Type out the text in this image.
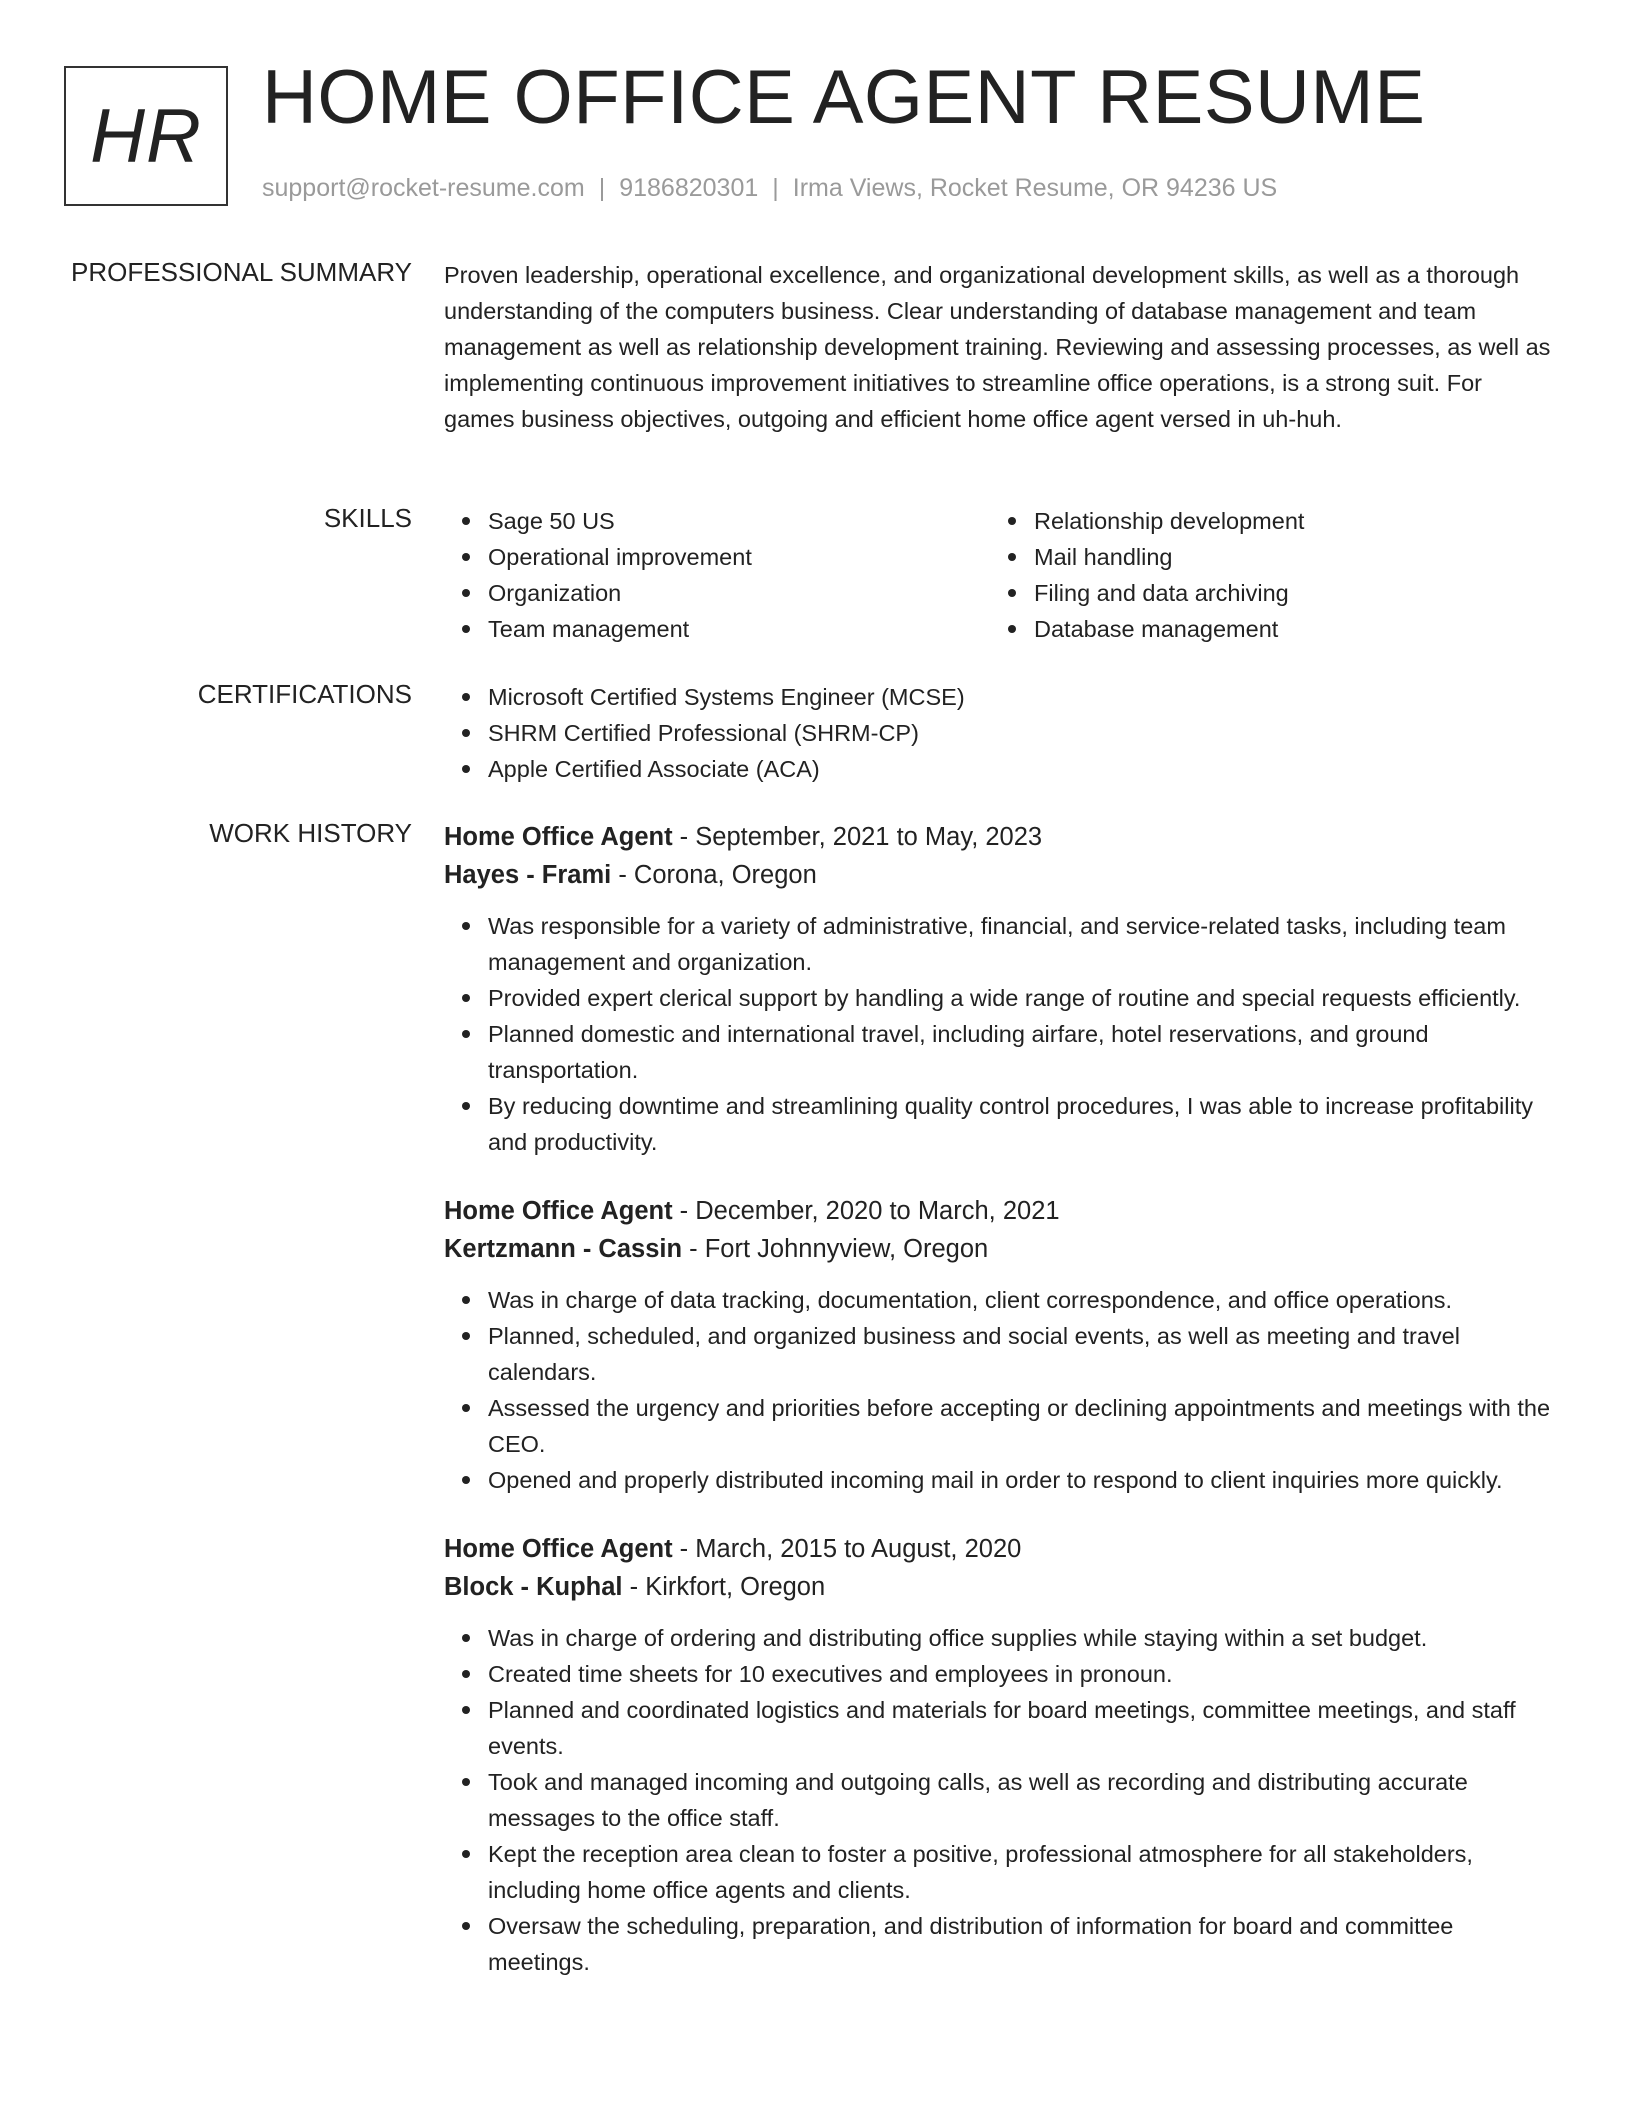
HR HOME OFFICE AGENT RESUME
support@rocket-resume.com | 9186820301 | Irma Views, Rocket Resume, OR 94236 US
PROFESSIONAL SUMMARY Proven leadership, operational excellence, and organizational development skills, as well as a thorough understanding of the computers business. Clear understanding of database management and team management as well as relationship development training. Reviewing and assessing processes, as well as implementing continuous improvement initiatives to streamline office operations, is a strong suit. For games business objectives, outgoing and efficient home office agent versed in uh-huh.

SKILLS	Sage 50 US
Operational improvement
Organization
Team management
Relationship development
Mail handling
Filing and data archiving
Database management
CERTIFICATIONS	Microsoft Certified Systems Engineer (MCSE)
SHRM Certified Professional (SHRM-CP)
Apple Certified Associate (ACA)
WORK HISTORY Home Office Agent - September, 2021 to May, 2023
Hayes - Frami - Corona, Oregon
Was responsible for a variety of administrative, financial, and service-related tasks, including team management and organization.
Provided expert clerical support by handling a wide range of routine and special requests efficiently.
Planned domestic and international travel, including airfare, hotel reservations, and ground transportation.
By reducing downtime and streamlining quality control procedures, I was able to increase profitability and productivity.
Home Office Agent - December, 2020 to March, 2021
Kertzmann - Cassin - Fort Johnnyview, Oregon
Was in charge of data tracking, documentation, client correspondence, and office operations.
Planned, scheduled, and organized business and social events, as well as meeting and travel calendars.
Assessed the urgency and priorities before accepting or declining appointments and meetings with the CEO.
Opened and properly distributed incoming mail in order to respond to client inquiries more quickly.
Home Office Agent - March, 2015 to August, 2020
Block - Kuphal - Kirkfort, Oregon
Was in charge of ordering and distributing office supplies while staying within a set budget.
Created time sheets for 10 executives and employees in pronoun.
Planned and coordinated logistics and materials for board meetings, committee meetings, and staff events.
Took and managed incoming and outgoing calls, as well as recording and distributing accurate messages to the office staff.
Kept the reception area clean to foster a positive, professional atmosphere for all stakeholders, including home office agents and clients.
Oversaw the scheduling, preparation, and distribution of information for board and committee meetings.
